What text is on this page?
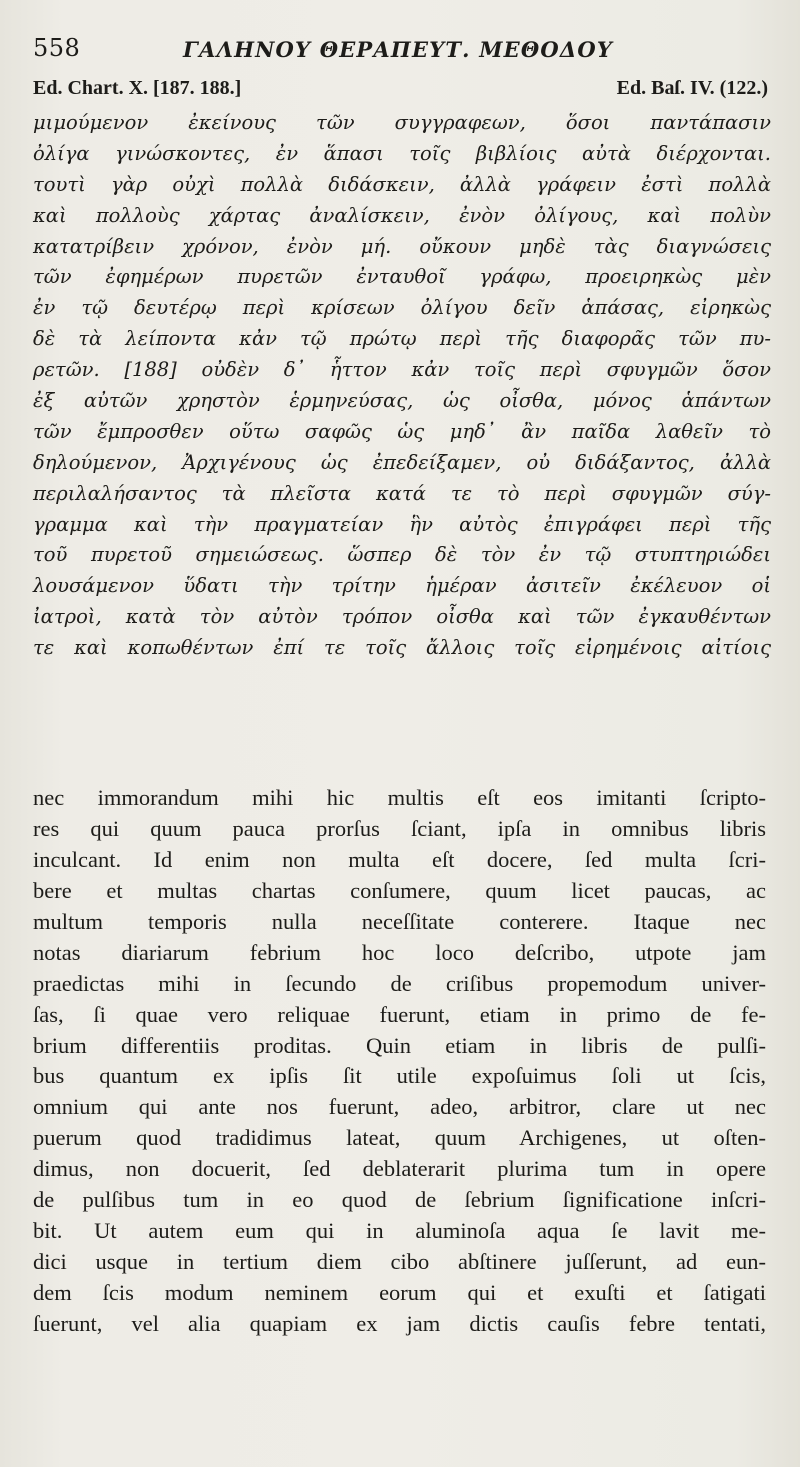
558	ΓΑΛΗΝΟΥ ΘΕΡΑΠΕΥΤ. ΜΕΘΟΔΟΥ
Ed. Chart. X. [187. 188.]	Ed. Baſ. IV. (122.)
μιμούμενον ἐκείνους τῶν συγγραφεων, ὅσοι παντάπασιν
ὀλίγα γινώσκοντες, ἐν ἅπασι τοῖς βιβλίοις αὐτὰ διέρχονται.
τουτὶ γὰρ οὐχὶ πολλὰ διδάσκειν, ἀλλὰ γράφειν ἐστὶ πολλὰ
καὶ πολλοὺς χάρτας ἀναλίσκειν, ἐνὸν ὀλίγους, καὶ πολὺν
κατατρίβειν χρόνον, ἐνὸν μή. οὔκουν μηδὲ τὰς διαγνώσεις
τῶν ἐφημέρων πυρετῶν ἐνταυθοῖ γράφω, προειρηκὼς μὲν
ἐν τῷ δευτέρῳ περὶ κρίσεων ὀλίγου δεῖν ἁπάσας, εἰρηκὼς
δὲ τὰ λείποντα κἀν τῷ πρώτῳ περὶ τῆς διαφορᾶς τῶν πυ-
ρετῶν. [188] οὐδὲν δ᾽ ἧττον κἀν τοῖς περὶ σφυγμῶν ὅσον
ἐξ αὐτῶν χρηστὸν ἑρμηνεύσας, ὡς οἶσθα, μόνος ἁπάντων
τῶν ἔμπροσθεν οὕτω σαφῶς ὡς μηδ᾽ ἂν παῖδα λαθεῖν τὸ
δηλούμενον, Ἀρχιγένους ὡς ἐπεδείξαμεν, οὐ διδάξαντος, ἀλλὰ
περιλαλήσαντος τὰ πλεῖστα κατά τε τὸ περὶ σφυγμῶν σύγ-
γραμμα καὶ τὴν πραγματείαν ἣν αὐτὸς ἐπιγράφει περὶ τῆς
τοῦ πυρετοῦ σημειώσεως. ὥσπερ δὲ τὸν ἐν τῷ στυπτηριώδει
λουσάμενον ὕδατι τὴν τρίτην ἡμέραν ἀσιτεῖν ἐκέλευον οἱ
ἰατροὶ, κατὰ τὸν αὐτὸν τρόπον οἶσθα καὶ τῶν ἐγκαυθέντων
τε καὶ κοπωθέντων ἐπί τε τοῖς ἄλλοις τοῖς εἰρημένοις αἰτίοις
nec immorandum mihi hic multis eſt eos imitanti ſcripto-
res qui quum pauca prorſus ſciant, ipſa in omnibus libris
inculcant. Id enim non multa eſt docere, ſed multa ſcri-
bere et multas chartas conſumere, quum licet paucas, ac
multum temporis nulla neceſſitate conterere. Itaque nec
notas diariarum febrium hoc loco deſcribo, utpote jam
praedictas mihi in ſecundo de criſibus propemodum univer-
ſas, ſi quae vero reliquae fuerunt, etiam in primo de fe-
brium differentiis proditas. Quin etiam in libris de pulſi-
bus quantum ex ipſis ſit utile expoſuimus ſoli ut ſcis,
omnium qui ante nos fuerunt, adeo, arbitror, clare ut nec
puerum quod tradidimus lateat, quum Archigenes, ut oſten-
dimus, non docuerit, ſed deblaterarit plurima tum in opere
de pulſibus tum in eo quod de ſebrium ſignificatione inſcri-
bit. Ut autem eum qui in aluminoſa aqua ſe lavit me-
dici usque in tertium diem cibo abſtinere juſſerunt, ad eun-
dem ſcis modum neminem eorum qui et exuſti et ſatigati
ſuerunt, vel alia quapiam ex jam dictis cauſis febre tentati,
